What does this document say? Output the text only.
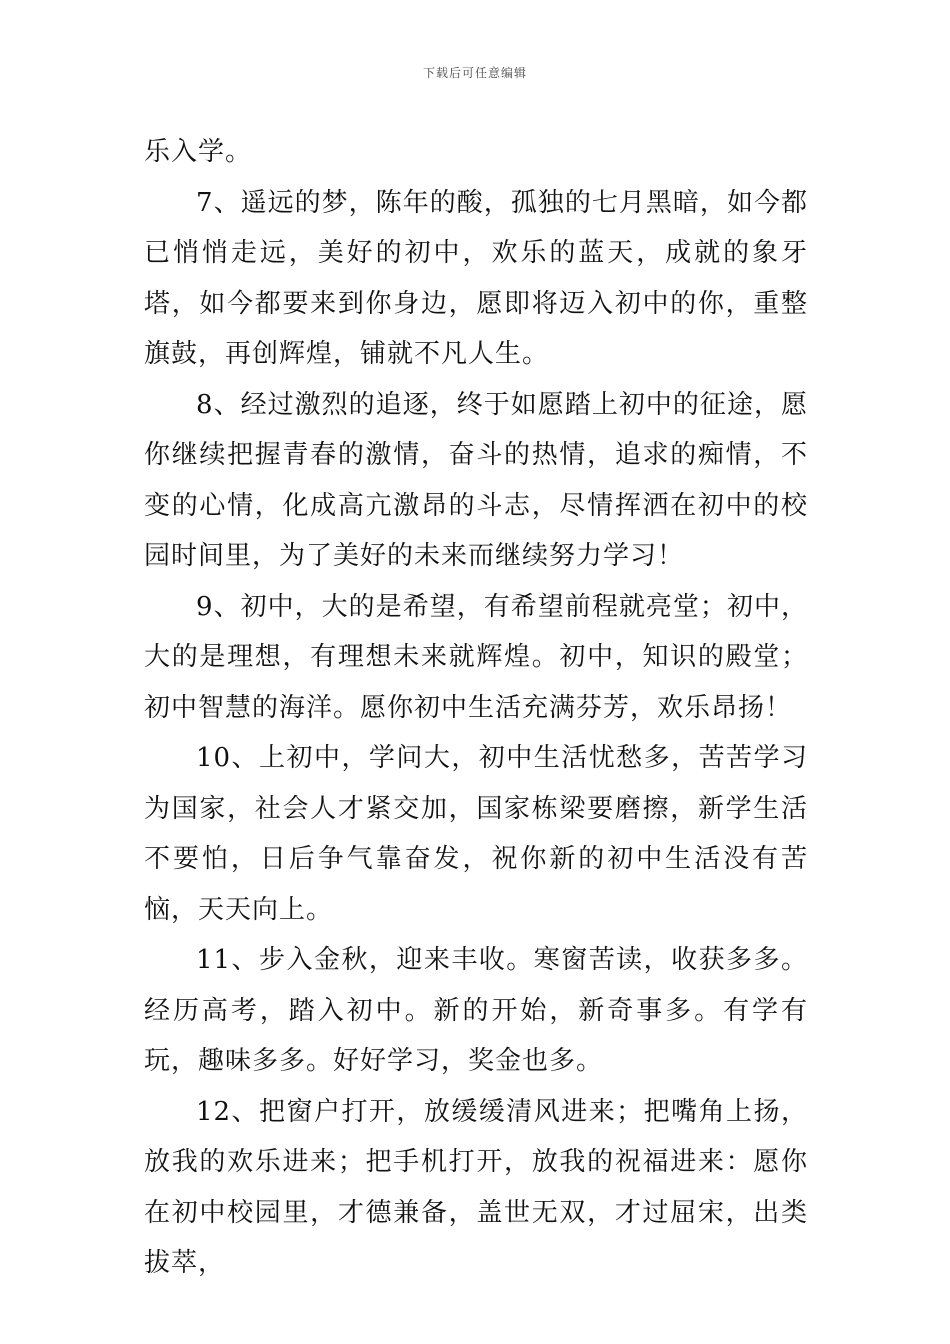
下载后可任意编辑

乐入学。

7、遥远的梦，陈年的酸，孤独的七月黑暗，如今都已悄悄走远，美好的初中，欢乐的蓝天，成就的象牙塔，如今都要来到你身边，愿即将迈入初中的你，重整旗鼓，再创辉煌，铺就不凡人生。

8、经过激烈的追逐，终于如愿踏上初中的征途，愿你继续把握青春的激情，奋斗的热情，追求的痴情，不变的心情，化成高亢激昂的斗志，尽情挥洒在初中的校园时间里，为了美好的未来而继续努力学习！

9、初中，大的是希望，有希望前程就亮堂；初中，大的是理想，有理想未来就辉煌。初中，知识的殿堂；初中智慧的海洋。愿你初中生活充满芬芳，欢乐昂扬！

10、上初中，学问大，初中生活忧愁多，苦苦学习为国家，社会人才紧交加，国家栋梁要磨擦，新学生活不要怕，日后争气靠奋发，祝你新的初中生活没有苦恼，天天向上。

11、步入金秋，迎来丰收。寒窗苦读，收获多多。经历高考，踏入初中。新的开始，新奇事多。有学有玩，趣味多多。好好学习，奖金也多。

12、把窗户打开，放缓缓清风进来；把嘴角上扬，放我的欢乐进来；把手机打开，放我的祝福进来：愿你在初中校园里，才德兼备，盖世无双，才过屈宋，出类拔萃，
